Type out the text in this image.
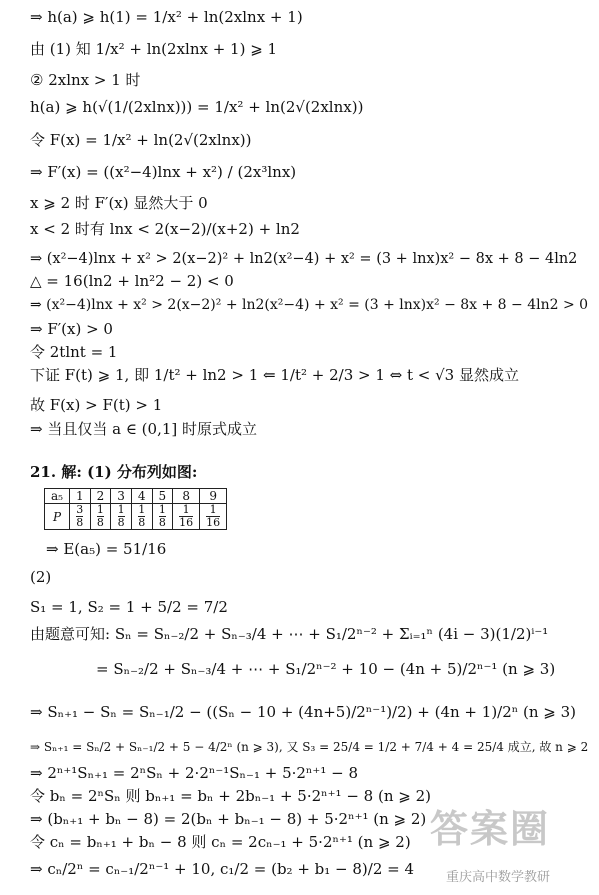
⇒ h(a) ⩾ h(1) = 1/x² + ln(2xlnx + 1)
由 (1) 知 1/x² + ln(2xlnx + 1) ⩾ 1
② 2xlnx > 1 时
h(a) ⩾ h(√(1/(2xlnx))) = 1/x² + ln(2√(2xlnx))
令 F(x) = 1/x² + ln(2√(2xlnx))
⇒ F′(x) = ((x²−4)lnx + x²) / (2x³lnx)
x ⩾ 2 时 F′(x) 显然大于 0
x < 2 时有 lnx < 2(x−2)/(x+2) + ln2
⇒ (x²−4)lnx + x² > 2(x−2)² + ln2(x²−4) + x² = (3 + lnx)x² − 8x + 8 − 4ln2
△ = 16(ln2 + ln²2 − 2) < 0
⇒ (x²−4)lnx + x² > 2(x−2)² + ln2(x²−4) + x² = (3 + lnx)x² − 8x + 8 − 4ln2 > 0
⇒ F′(x) > 0
令 2tlnt = 1
下证 F(t) ⩾ 1, 即 1/t² + ln2 > 1 ⇐ 1/t² + 2/3 > 1 ⇔ t < √3 显然成立
故 F(x) > F(t) > 1
⇒ 当且仅当 a ∈ (0,1] 时原式成立
21. 解: (1) 分布列如图:
⇒ E(a₅) = 51/16
(2)
S₁ = 1, S₂ = 1 + 5/2 = 7/2
由题意可知: Sₙ = Sₙ₋₂/2 + Sₙ₋₃/4 + ⋯ + S₁/2ⁿ⁻² + Σᵢ₌₁ⁿ (4i − 3)(1/2)ⁱ⁻¹
= Sₙ₋₂/2 + Sₙ₋₃/4 + ⋯ + S₁/2ⁿ⁻² + 10 − (4n + 5)/2ⁿ⁻¹ (n ⩾ 3)
⇒ Sₙ₊₁ − Sₙ = Sₙ₋₁/2 − ((Sₙ − 10 + (4n+5)/2ⁿ⁻¹)/2) + (4n + 1)/2ⁿ (n ⩾ 3)
⇒ Sₙ₊₁ = Sₙ/2 + Sₙ₋₁/2 + 5 − 4/2ⁿ (n ⩾ 3), 又 S₃ = 25/4 = 1/2 + 7/4 + 4 = 25/4 成立, 故 n ⩾ 2
⇒ 2ⁿ⁺¹Sₙ₊₁ = 2ⁿSₙ + 2·2ⁿ⁻¹Sₙ₋₁ + 5·2ⁿ⁺¹ − 8
令 bₙ = 2ⁿSₙ 则 bₙ₊₁ = bₙ + 2bₙ₋₁ + 5·2ⁿ⁺¹ − 8 (n ⩾ 2)
⇒ (bₙ₊₁ + bₙ − 8) = 2(bₙ + bₙ₋₁ − 8) + 5·2ⁿ⁺¹ (n ⩾ 2)
令 cₙ = bₙ₊₁ + bₙ − 8 则 cₙ = 2cₙ₋₁ + 5·2ⁿ⁺¹ (n ⩾ 2)
⇒ cₙ/2ⁿ = cₙ₋₁/2ⁿ⁻¹ + 10, c₁/2 = (b₂ + b₁ − 8)/2 = 4
a₅	1	2	3	4	5	8	9
P	$\frac{3}{8}$	$\frac{1}{8}$	$\frac{1}{8}$	$\frac{1}{8}$	$\frac{1}{8}$	$\frac{1}{16}$	$\frac{1}{16}$
答案圈
重庆高中数学教研
